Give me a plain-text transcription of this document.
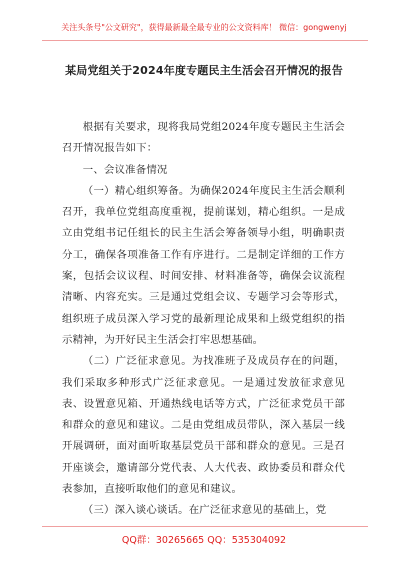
关注头条号"公文研究"，获得最新最全最专业的公文资料库！ 微信：gongwenyj
某局党组关于2024年度专题民主生活会召开情况的报告

根据有关要求，现将我局党组2024年度专题民主生活会召开情况报告如下：

一、会议准备情况

（一）精心组织筹备。为确保2024年度民主生活会顺利召开，我单位党组高度重视，提前谋划，精心组织。一是成立由党组书记任组长的民主生活会筹备领导小组，明确职责分工，确保各项准备工作有序进行。二是制定详细的工作方案，包括会议议程、时间安排、材料准备等，确保会议流程清晰、内容充实。三是通过党组会议、专题学习会等形式，组织班子成员深入学习党的最新理论成果和上级党组织的指示精神，为开好民主生活会打牢思想基础。

（二）广泛征求意见。为找准班子及成员存在的问题，我们采取多种形式广泛征求意见。一是通过发放征求意见表、设置意见箱、开通热线电话等方式，广泛征求党员干部和群众的意见和建议。二是由党组成员带队，深入基层一线开展调研，面对面听取基层党员干部和群众的意见。三是召开座谈会，邀请部分党代表、人大代表、政协委员和群众代表参加，直接听取他们的意见和建议。

（三）深入谈心谈话。在广泛征求意见的基础上，党

QQ群：30265665 QQ：535304092
